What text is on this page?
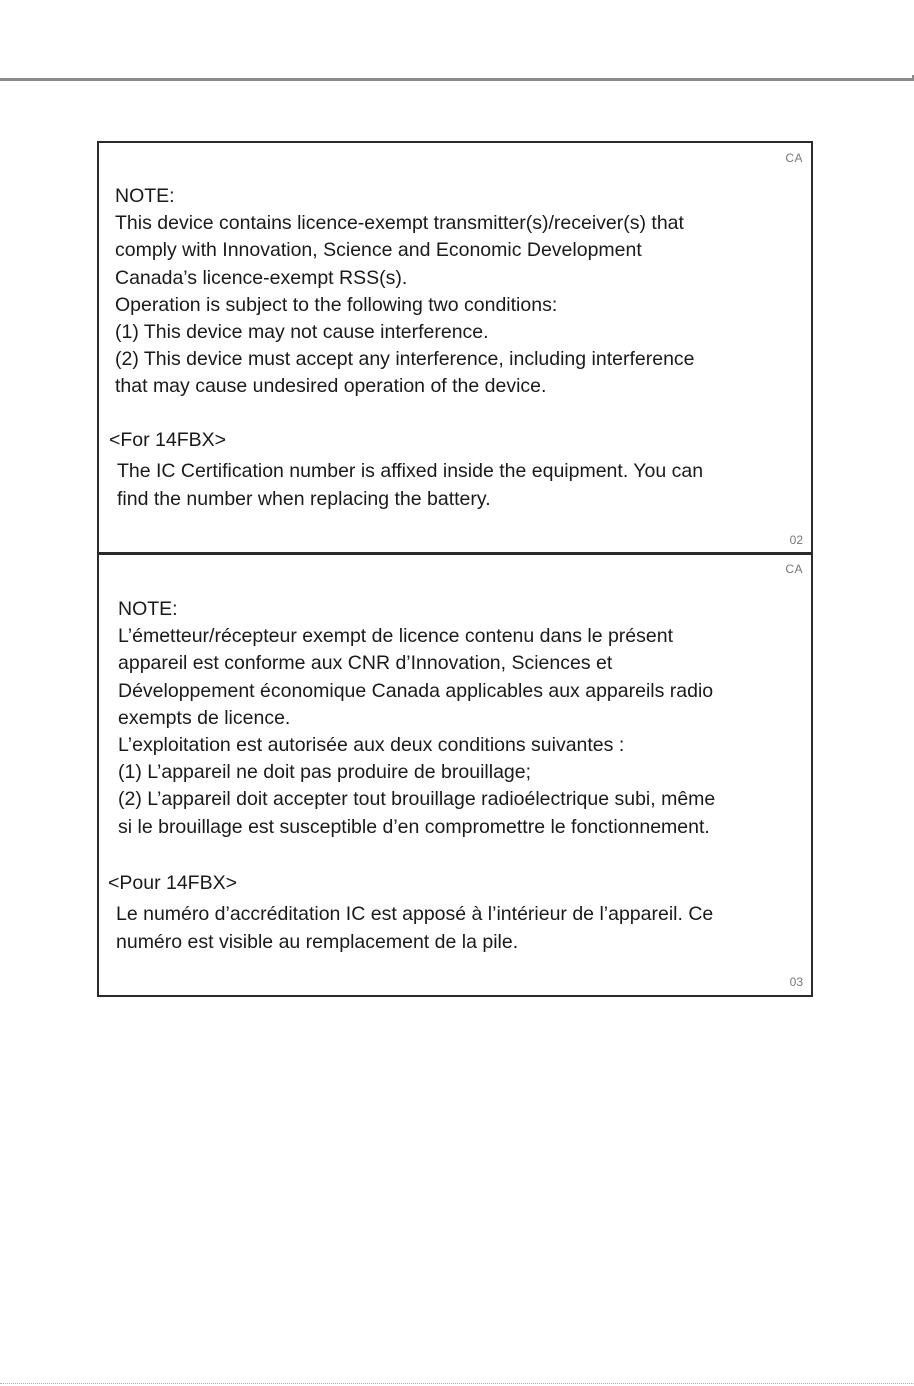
CA
NOTE:
This device contains licence-exempt transmitter(s)/receiver(s) that
comply with Innovation, Science and Economic Development
Canada’s licence-exempt RSS(s).
Operation is subject to the following two conditions:
(1) This device may not cause interference.
(2) This device must accept any interference, including interference
that may cause undesired operation of the device.
<For 14FBX>
The IC Certification number is affixed inside the equipment. You can
find the number when replacing the battery.
02
CA
NOTE:
L’émetteur/récepteur exempt de licence contenu dans le présent
appareil est conforme aux CNR d’Innovation, Sciences et
Développement économique Canada applicables aux appareils radio
exempts de licence.
L’exploitation est autorisée aux deux conditions suivantes :
(1) L’appareil ne doit pas produire de brouillage;
(2) L’appareil doit accepter tout brouillage radioélectrique subi, même
si le brouillage est susceptible d’en compromettre le fonctionnement.
<Pour 14FBX>
Le numéro d’accréditation IC est apposé à l’intérieur de l’appareil. Ce
numéro est visible au remplacement de la pile.
03
